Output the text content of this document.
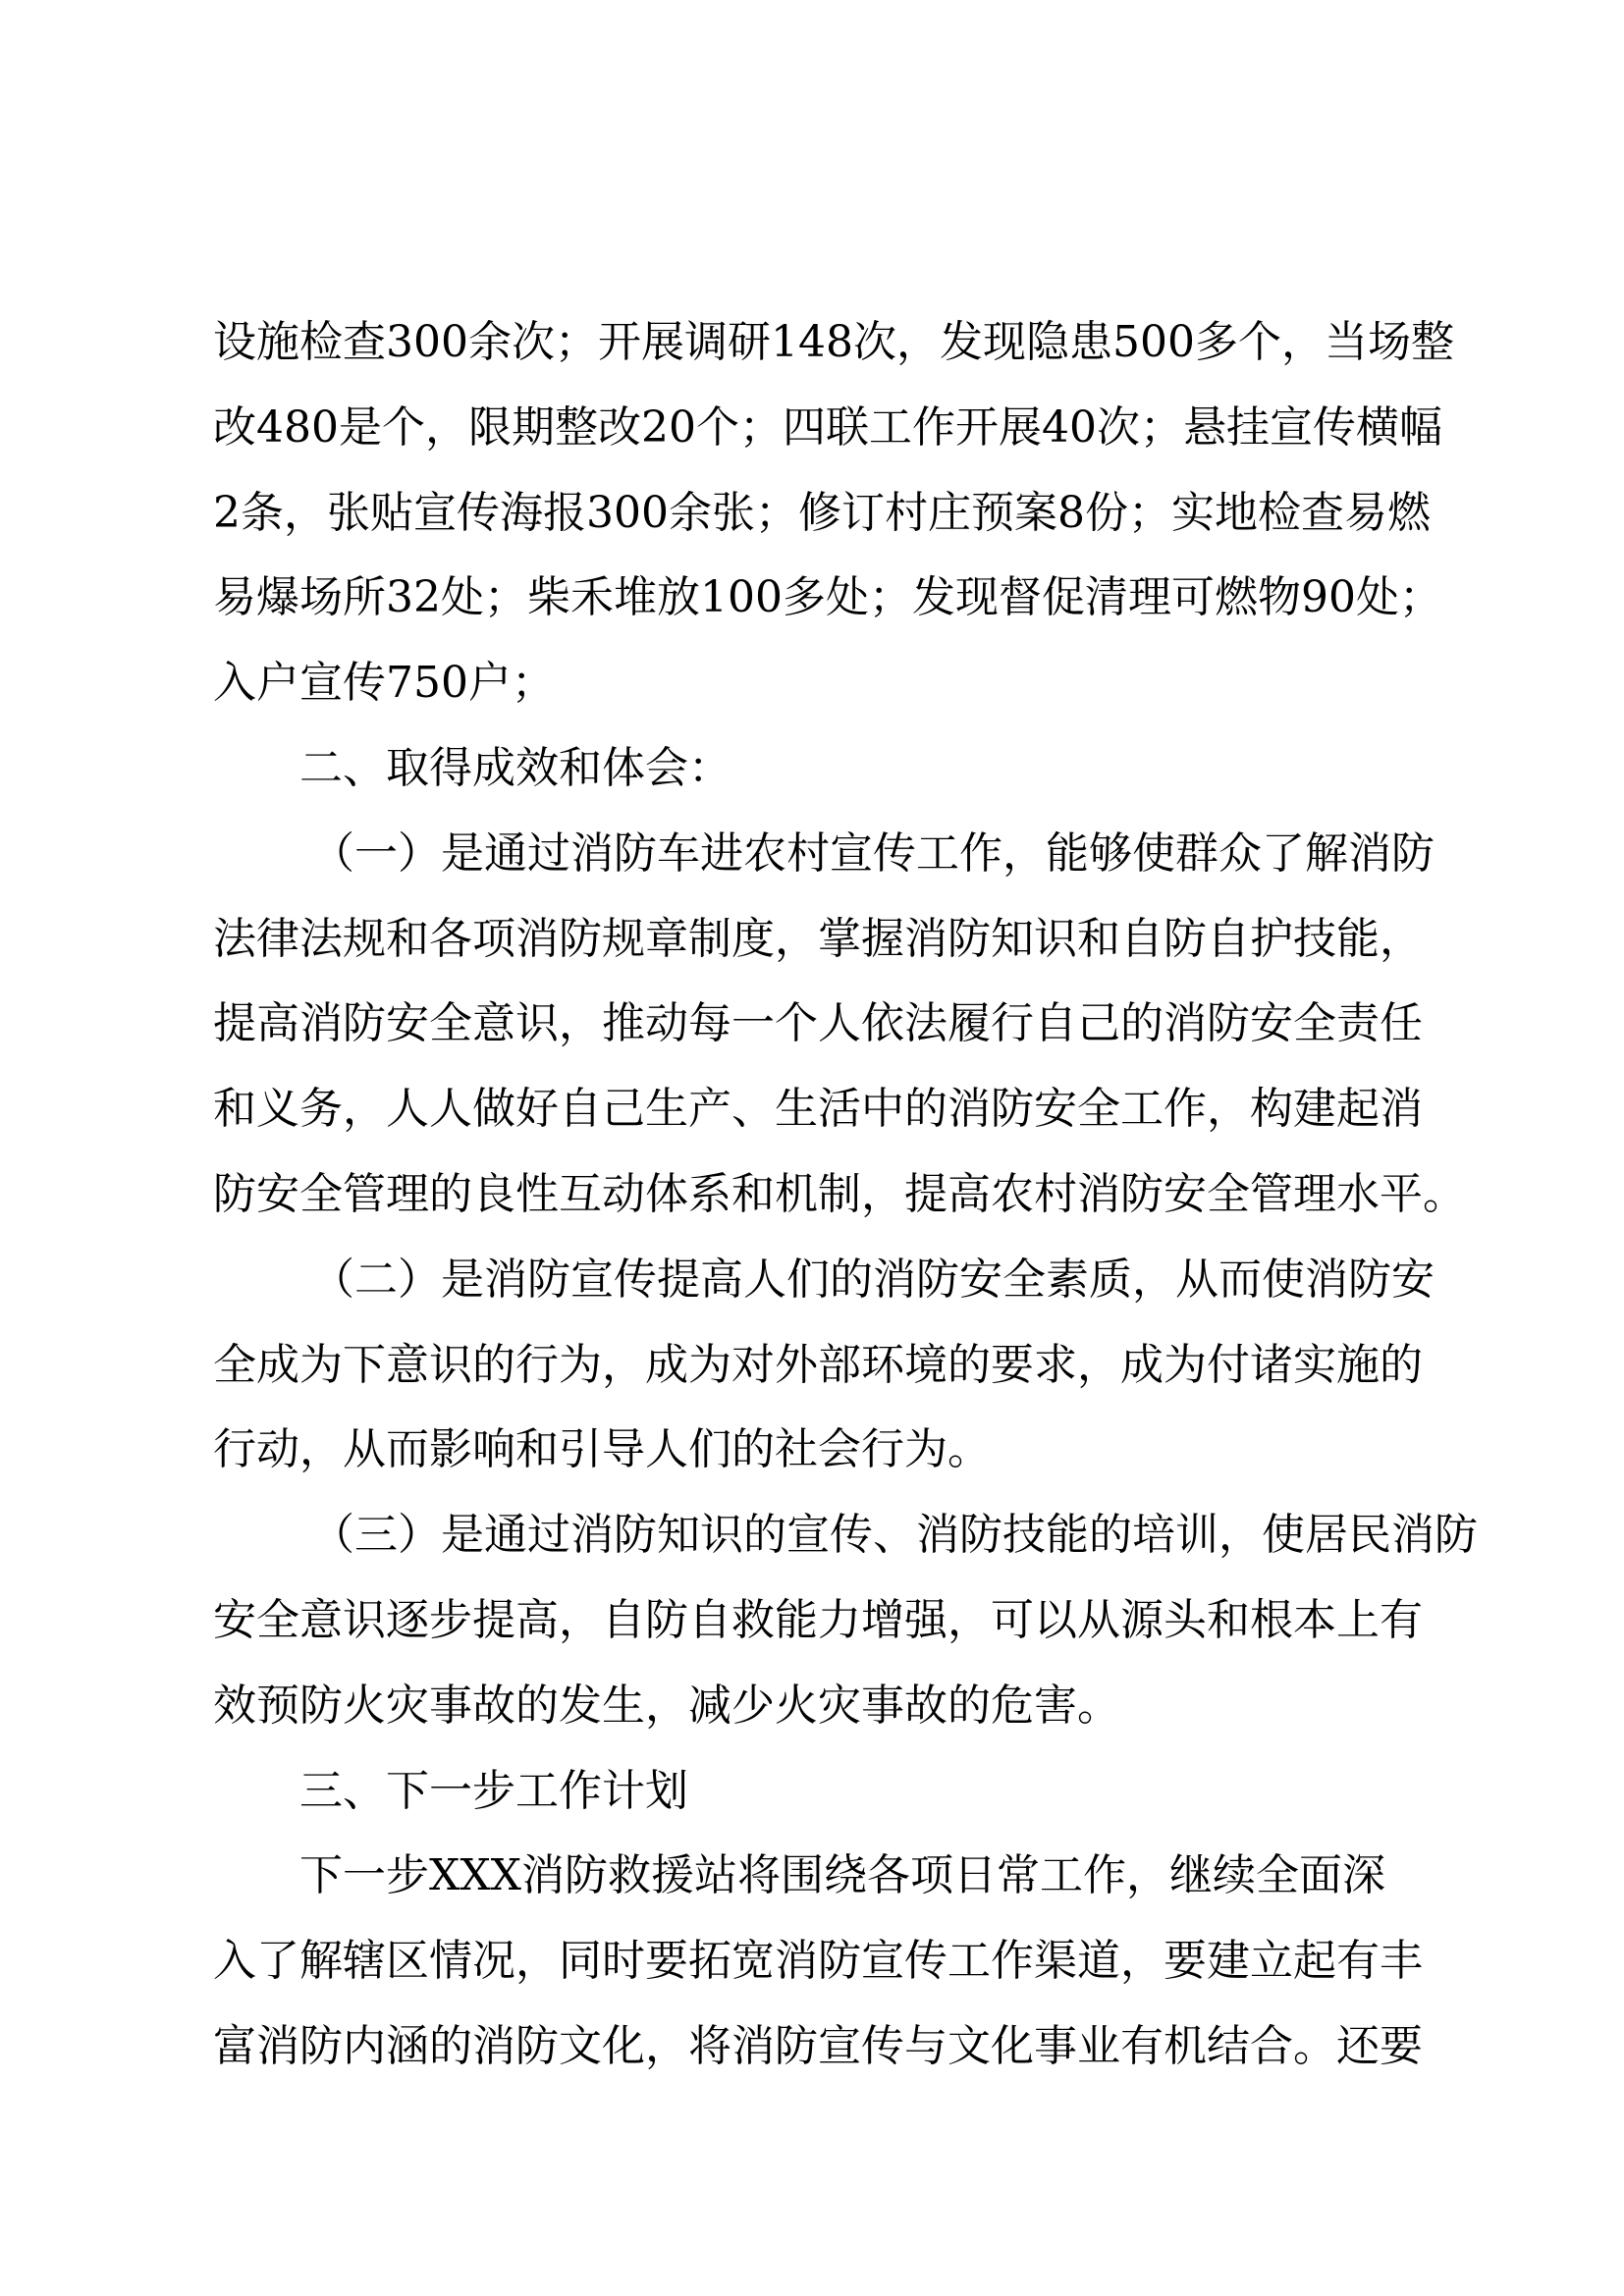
设施检查300余次；开展调研148次，发现隐患500多个，当场整
改480是个，限期整改20个；四联工作开展40次；悬挂宣传横幅
2条，张贴宣传海报300余张；修订村庄预案8份；实地检查易燃
易爆场所32处；柴禾堆放100多处；发现督促清理可燃物90处；
入户宣传750户；
二、取得成效和体会：
（一）是通过消防车进农村宣传工作，能够使群众了解消防
法律法规和各项消防规章制度，掌握消防知识和自防自护技能，
提高消防安全意识，推动每一个人依法履行自己的消防安全责任
和义务，人人做好自己生产、生活中的消防安全工作，构建起消
防安全管理的良性互动体系和机制，提高农村消防安全管理水平。
（二）是消防宣传提高人们的消防安全素质，从而使消防安
全成为下意识的行为，成为对外部环境的要求，成为付诸实施的
行动，从而影响和引导人们的社会行为。
（三）是通过消防知识的宣传、消防技能的培训，使居民消防
安全意识逐步提高，自防自救能力增强，可以从源头和根本上有
效预防火灾事故的发生，减少火灾事故的危害。
三、下一步工作计划
下一步XXX消防救援站将围绕各项日常工作，继续全面深
入了解辖区情况，同时要拓宽消防宣传工作渠道，要建立起有丰
富消防内涵的消防文化，将消防宣传与文化事业有机结合。还要
